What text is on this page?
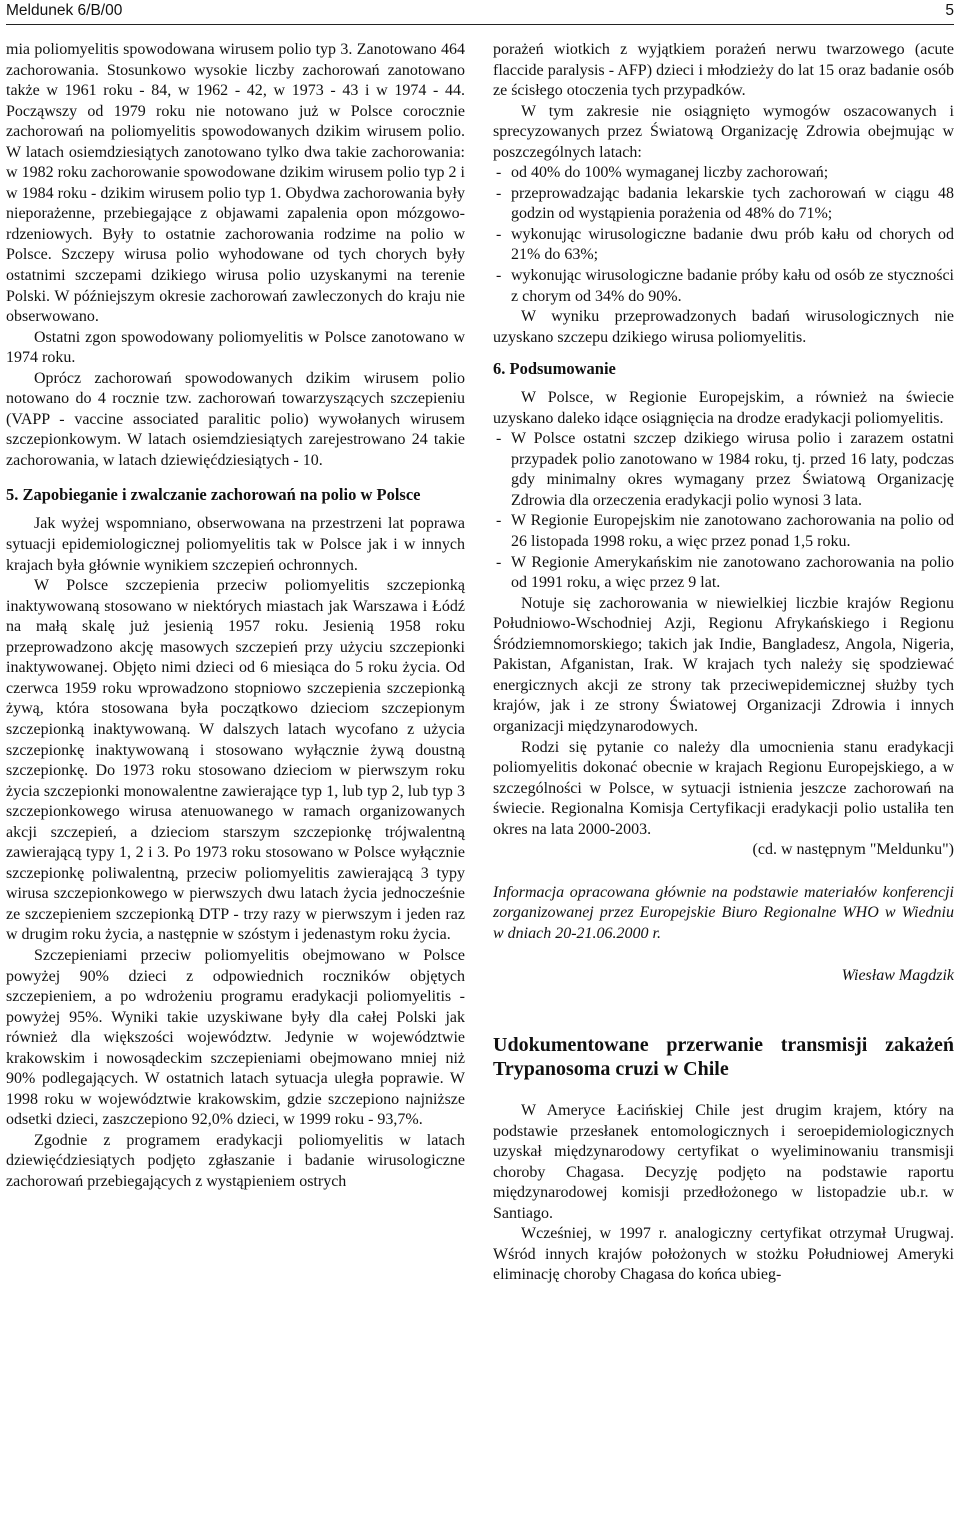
Meldunek 6/B/00	5

mia poliomyelitis spowodowana wirusem polio typ 3. Zanotowano 464 zachorowania. Stosunkowo wysokie liczby zachorowań zanotowano także w 1961 roku - 84, w 1962 - 42, w 1973 - 43 i w 1974 - 44. Począwszy od 1979 roku nie notowano już w Polsce corocznie zachorowań na poliomyelitis spowodowanych dzikim wirusem polio. W latach osiemdziesiątych zanotowano tylko dwa takie zachorowania: w 1982 roku zachorowanie spowodowane dzikim wirusem polio typ 2 i w 1984 roku - dzikim wirusem polio typ 1. Obydwa zachorowania były nieporażenne, przebiegające z objawami zapalenia opon mózgowo-rdzeniowych. Były to ostatnie zachorowania rodzime na polio w Polsce. Szczepy wirusa polio wyhodowane od tych chorych były ostatnimi szczepami dzikiego wirusa polio uzyskanymi na terenie Polski. W późniejszym okresie zachorowań zawleczonych do kraju nie obserwowano.

Ostatni zgon spowodowany poliomyelitis w Polsce zanotowano w 1974 roku.

Oprócz zachorowań spowodowanych dzikim wirusem polio notowano do 4 rocznie tzw. zachorowań towarzyszących szczepieniu (VAPP - vaccine associated paralitic polio) wywołanych wirusem szczepionkowym. W latach osiemdziesiątych zarejestrowano 24 takie zachorowania, w latach dziewięćdziesiątych - 10.

5. Zapobieganie i zwalczanie zachorowań na polio w Polsce

Jak wyżej wspomniano, obserwowana na przestrzeni lat poprawa sytuacji epidemiologicznej poliomyelitis tak w Polsce jak i w innych krajach była głównie wynikiem szczepień ochronnych.

W Polsce szczepienia przeciw poliomyelitis szczepionką inaktywowaną stosowano w niektórych miastach jak Warszawa i Łódź na małą skalę już jesienią 1957 roku. Jesienią 1958 roku przeprowadzono akcję masowych szczepień przy użyciu szczepionki inaktywowanej. Objęto nimi dzieci od 6 miesiąca do 5 roku życia. Od czerwca 1959 roku wprowadzono stopniowo szczepienia szczepionką żywą, która stosowana była początkowo dzieciom szczepionym szczepionką inaktywowaną. W dalszych latach wycofano z użycia szczepionkę inaktywowaną i stosowano wyłącznie żywą doustną szczepionkę. Do 1973 roku stosowano dzieciom w pierwszym roku życia szczepionki monowalentne zawierające typ 1, lub typ 2, lub typ 3 szczepionkowego wirusa atenuowanego w ramach organizowanych akcji szczepień, a dzieciom starszym szczepionkę trójwalentną zawierającą typy 1, 2 i 3. Po 1973 roku stosowano w Polsce wyłącznie szczepionkę poliwalentną, przeciw poliomyelitis zawierającą 3 typy wirusa szczepionkowego w pierwszych dwu latach życia jednocześnie ze szczepieniem szczepionką DTP - trzy razy w pierwszym i jeden raz w drugim roku życia, a następnie w szóstym i jedenastym roku życia.

Szczepieniami przeciw poliomyelitis obejmowano w Polsce powyżej 90% dzieci z odpowiednich roczników objętych szczepieniem, a po wdrożeniu programu eradykacji poliomyelitis - powyżej 95%. Wyniki takie uzyskiwane były dla całej Polski jak również dla większości województw. Jedynie w województwie krakowskim i nowosądeckim szczepieniami obejmowano mniej niż 90% podlegających. W ostatnich latach sytuacja uległa poprawie. W 1998 roku w województwie krakowskim, gdzie szczepiono najniższe odsetki dzieci, zaszczepiono 92,0% dzieci, w 1999 roku - 93,7%.

Zgodnie z programem eradykacji poliomyelitis w latach dziewięćdziesiątych podjęto zgłaszanie i badanie wirusologiczne zachorowań przebiegających z wystąpieniem ostrych

porażeń wiotkich z wyjątkiem porażeń nerwu twarzowego (acute flaccide paralysis - AFP) dzieci i młodzieży do lat 15 oraz badanie osób ze ścisłego otoczenia tych przypadków.

W tym zakresie nie osiągnięto wymogów oszacowanych i sprecyzowanych przez Światową Organizację Zdrowia obejmując w poszczególnych latach:

- od 40% do 100% wymaganej liczby zachorowań;
- przeprowadzając badania lekarskie tych zachorowań w ciągu 48 godzin od wystąpienia porażenia od 48% do 71%;
- wykonując wirusologiczne badanie dwu prób kału od chorych od 21% do 63%;
- wykonując wirusologiczne badanie próby kału od osób ze styczności z chorym od 34% do 90%.

W wyniku przeprowadzonych badań wirusologicznych nie uzyskano szczepu dzikiego wirusa poliomyelitis.

6. Podsumowanie

W Polsce, w Regionie Europejskim, a również na świecie uzyskano daleko idące osiągnięcia na drodze eradykacji poliomyelitis.

- W Polsce ostatni szczep dzikiego wirusa polio i zarazem ostatni przypadek polio zanotowano w 1984 roku, tj. przed 16 laty, podczas gdy minimalny okres wymagany przez Światową Organizację Zdrowia dla orzeczenia eradykacji polio wynosi 3 lata.
- W Regionie Europejskim nie zanotowano zachorowania na polio od 26 listopada 1998 roku, a więc przez ponad 1,5 roku.
- W Regionie Amerykańskim nie zanotowano zachorowania na polio od 1991 roku, a więc przez 9 lat.

Notuje się zachorowania w niewielkiej liczbie krajów Regionu Południowo-Wschodniej Azji, Regionu Afrykańskiego i Regionu Śródziemnomorskiego; takich jak Indie, Bangladesz, Angola, Nigeria, Pakistan, Afganistan, Irak. W krajach tych należy się spodziewać energicznych akcji ze strony tak przeciwepidemicznej służby tych krajów, jak i ze strony Światowej Organizacji Zdrowia i innych organizacji międzynarodowych.

Rodzi się pytanie co należy dla umocnienia stanu eradykacji poliomyelitis dokonać obecnie w krajach Regionu Europejskiego, a w szczególności w Polsce, w sytuacji istnienia jeszcze zachorowań na świecie. Regionalna Komisja Certyfikacji eradykacji polio ustaliła ten okres na lata 2000-2003.

(cd. w następnym "Meldunku")

Informacja opracowana głównie na podstawie materiałów konferencji zorganizowanej przez Europejskie Biuro Regionalne WHO w Wiedniu w dniach 20-21.06.2000 r.

Wiesław Magdzik

Udokumentowane przerwanie transmisji zakażeń Trypanosoma cruzi w Chile

W Ameryce Łacińskiej Chile jest drugim krajem, który na podstawie przesłanek entomologicznych i seroepidemiologicznych uzyskał międzynarodowy certyfikat o wyeliminowaniu transmisji choroby Chagasa. Decyzję podjęto na podstawie raportu międzynarodowej komisji przedłożonego w listopadzie ub.r. w Santiago.

Wcześniej, w 1997 r. analogiczny certyfikat otrzymał Urugwaj. Wśród innych krajów położonych w stożku Południowej Ameryki eliminację choroby Chagasa do końca ubieg-
